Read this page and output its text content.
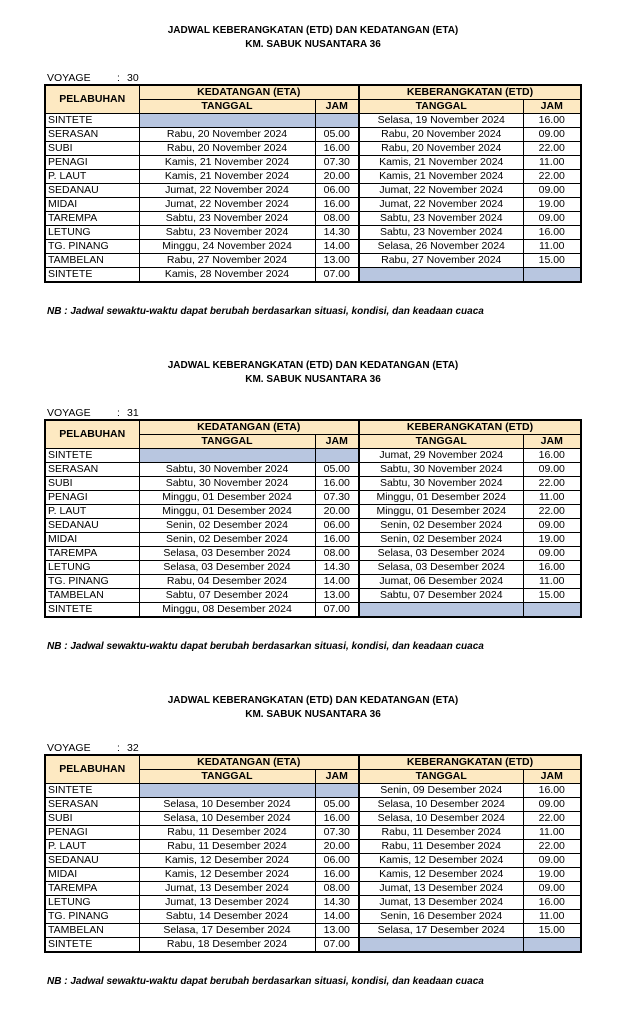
JADWAL KEBERANGKATAN (ETD) DAN KEDATANGAN (ETA)
KM. SABUK NUSANTARA 36
VOYAGE	: 30
PELABUHAN	KEDATANGAN (ETA)		KEBERANGKATAN (ETD)	
	TANGGAL	JAM	TANGGAL	JAM
SINTETE			Selasa, 19 November 2024	16.00
SERASAN	Rabu, 20 November 2024	05.00	Rabu, 20 November 2024	09.00
SUBI	Rabu, 20 November 2024	16.00	Rabu, 20 November 2024	22.00
PENAGI	Kamis, 21 November 2024	07.30	Kamis, 21 November 2024	11.00
P. LAUT	Kamis, 21 November 2024	20.00	Kamis, 21 November 2024	22.00
SEDANAU	Jumat, 22 November 2024	06.00	Jumat, 22 November 2024	09.00
MIDAI	Jumat, 22 November 2024	16.00	Jumat, 22 November 2024	19.00
TAREMPA	Sabtu, 23 November 2024	08.00	Sabtu, 23 November 2024	09.00
LETUNG	Sabtu, 23 November 2024	14.30	Sabtu, 23 November 2024	16.00
TG. PINANG	Minggu, 24 November 2024	14.00	Selasa, 26 November 2024	11.00
TAMBELAN	Rabu, 27 November 2024	13.00	Rabu, 27 November 2024	15.00
SINTETE	Kamis, 28 November 2024	07.00		
NB : Jadwal sewaktu-waktu dapat berubah berdasarkan situasi, kondisi, dan keadaan cuaca
JADWAL KEBERANGKATAN (ETD) DAN KEDATANGAN (ETA)
KM. SABUK NUSANTARA 36
VOYAGE	: 31
PELABUHAN	KEDATANGAN (ETA)		KEBERANGKATAN (ETD)	
	TANGGAL	JAM	TANGGAL	JAM
SINTETE			Jumat, 29 November 2024	16.00
SERASAN	Sabtu, 30 November 2024	05.00	Sabtu, 30 November 2024	09.00
SUBI	Sabtu, 30 November 2024	16.00	Sabtu, 30 November 2024	22.00
PENAGI	Minggu, 01 Desember 2024	07.30	Minggu, 01 Desember 2024	11.00
P. LAUT	Minggu, 01 Desember 2024	20.00	Minggu, 01 Desember 2024	22.00
SEDANAU	Senin, 02 Desember 2024	06.00	Senin, 02 Desember 2024	09.00
MIDAI	Senin, 02 Desember 2024	16.00	Senin, 02 Desember 2024	19.00
TAREMPA	Selasa, 03 Desember 2024	08.00	Selasa, 03 Desember 2024	09.00
LETUNG	Selasa, 03 Desember 2024	14.30	Selasa, 03 Desember 2024	16.00
TG. PINANG	Rabu, 04 Desember 2024	14.00	Jumat, 06 Desember 2024	11.00
TAMBELAN	Sabtu, 07 Desember 2024	13.00	Sabtu, 07 Desember 2024	15.00
SINTETE	Minggu, 08 Desember 2024	07.00		
NB : Jadwal sewaktu-waktu dapat berubah berdasarkan situasi, kondisi, dan keadaan cuaca
JADWAL KEBERANGKATAN (ETD) DAN KEDATANGAN (ETA)
KM. SABUK NUSANTARA 36
VOYAGE	: 32
PELABUHAN	KEDATANGAN (ETA)		KEBERANGKATAN (ETD)	
	TANGGAL	JAM	TANGGAL	JAM
SINTETE			Senin, 09 Desember 2024	16.00
SERASAN	Selasa, 10 Desember 2024	05.00	Selasa, 10 Desember 2024	09.00
SUBI	Selasa, 10 Desember 2024	16.00	Selasa, 10 Desember 2024	22.00
PENAGI	Rabu, 11 Desember 2024	07.30	Rabu, 11 Desember 2024	11.00
P. LAUT	Rabu, 11 Desember 2024	20.00	Rabu, 11 Desember 2024	22.00
SEDANAU	Kamis, 12 Desember 2024	06.00	Kamis, 12 Desember 2024	09.00
MIDAI	Kamis, 12 Desember 2024	16.00	Kamis, 12 Desember 2024	19.00
TAREMPA	Jumat, 13 Desember 2024	08.00	Jumat, 13 Desember 2024	09.00
LETUNG	Jumat, 13 Desember 2024	14.30	Jumat, 13 Desember 2024	16.00
TG. PINANG	Sabtu, 14 Desember 2024	14.00	Senin, 16 Desember 2024	11.00
TAMBELAN	Selasa, 17 Desember 2024	13.00	Selasa, 17 Desember 2024	15.00
SINTETE	Rabu, 18 Desember 2024	07.00		
NB : Jadwal sewaktu-waktu dapat berubah berdasarkan situasi, kondisi, dan keadaan cuaca
